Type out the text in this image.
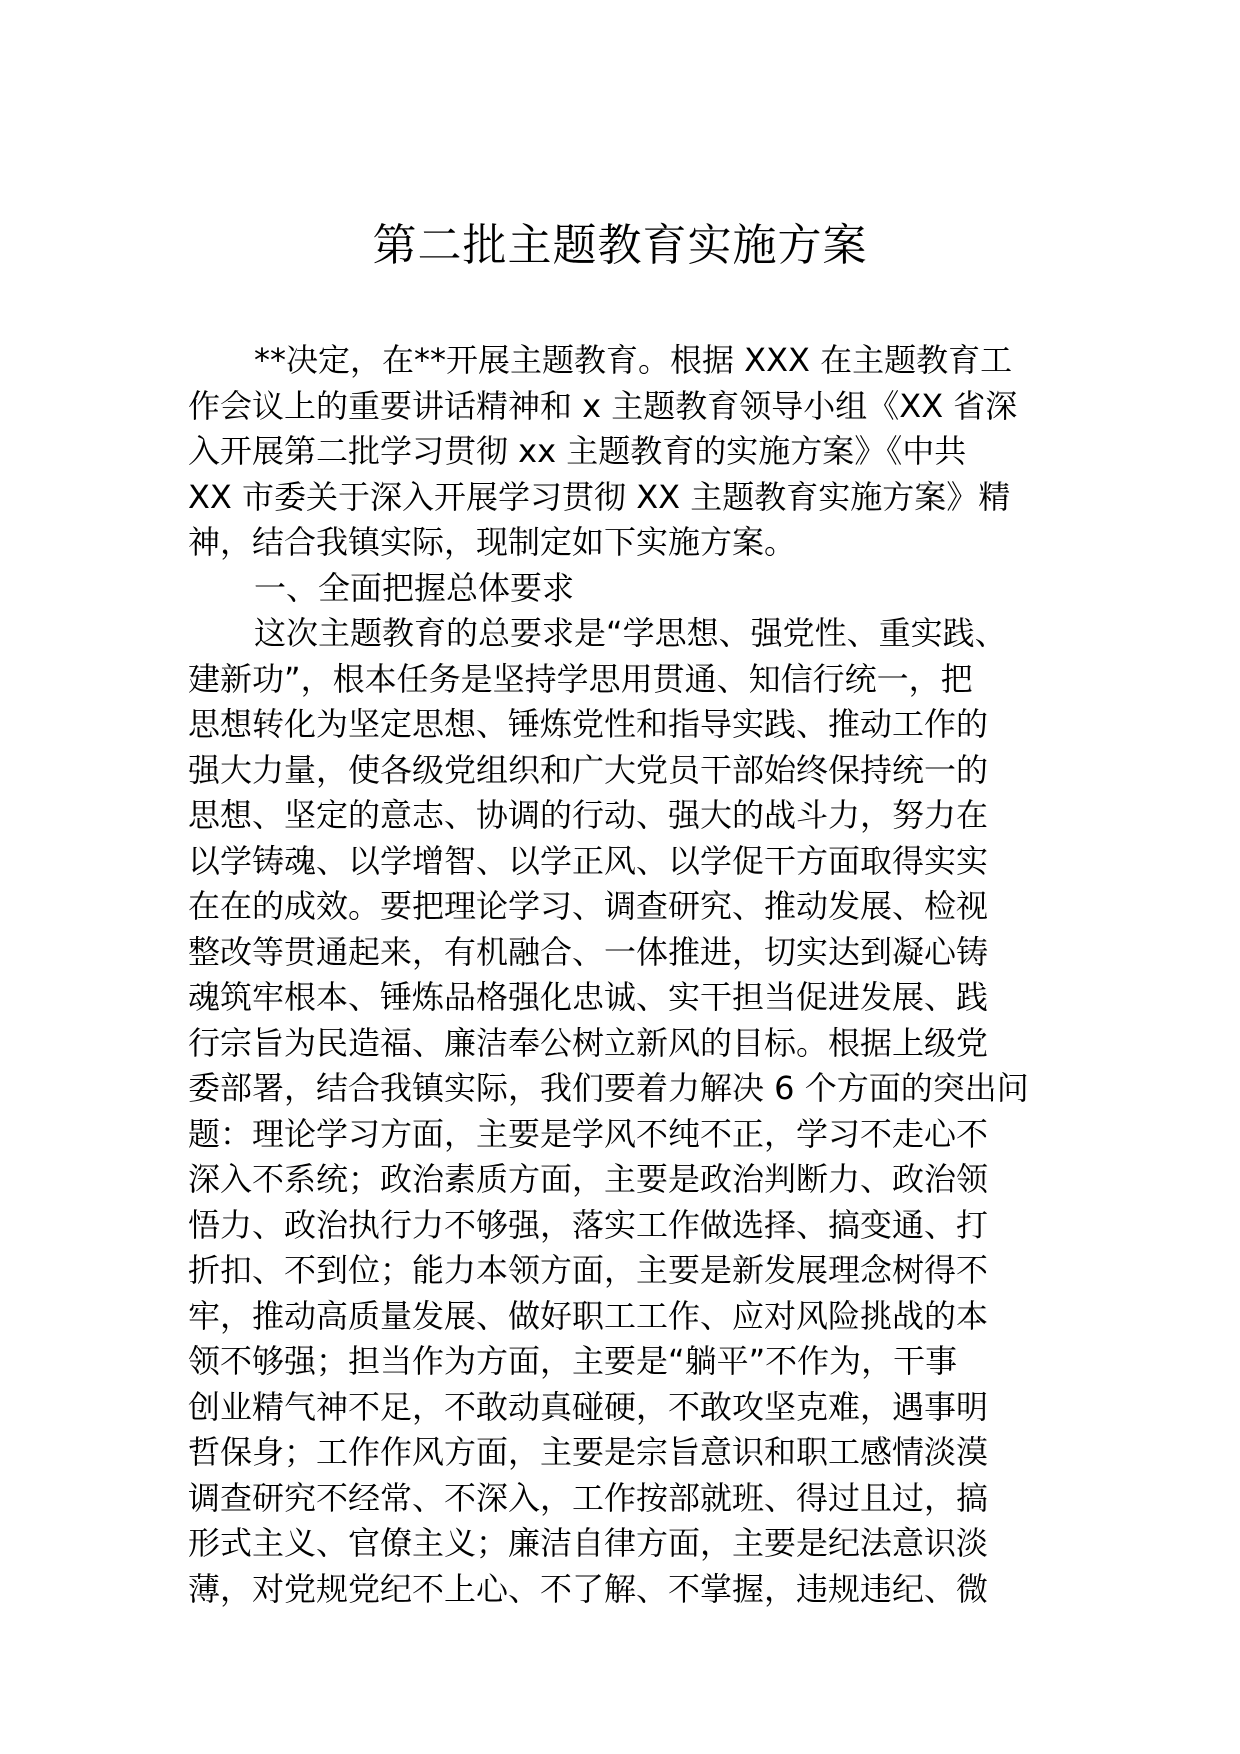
第二批主题教育实施方案
**决定，在**开展主题教育。根据 XXX 在主题教育工
作会议上的重要讲话精神和 x 主题教育领导小组《XX 省深
入开展第二批学习贯彻 xx 主题教育的实施方案》《中共
XX 市委关于深入开展学习贯彻 XX 主题教育实施方案》精
神，结合我镇实际，现制定如下实施方案。
一、全面把握总体要求
这次主题教育的总要求是“学思想、强党性、重实践、
建新功”，根本任务是坚持学思用贯通、知信行统一，把
思想转化为坚定思想、锤炼党性和指导实践、推动工作的
强大力量，使各级党组织和广大党员干部始终保持统一的
思想、坚定的意志、协调的行动、强大的战斗力，努力在
以学铸魂、以学增智、以学正风、以学促干方面取得实实
在在的成效。要把理论学习、调查研究、推动发展、检视
整改等贯通起来，有机融合、一体推进，切实达到凝心铸
魂筑牢根本、锤炼品格强化忠诚、实干担当促进发展、践
行宗旨为民造福、廉洁奉公树立新风的目标。根据上级党
委部署，结合我镇实际，我们要着力解决 6 个方面的突出问
题：理论学习方面，主要是学风不纯不正，学习不走心不
深入不系统；政治素质方面，主要是政治判断力、政治领
悟力、政治执行力不够强，落实工作做选择、搞变通、打
折扣、不到位；能力本领方面，主要是新发展理念树得不
牢，推动高质量发展、做好职工工作、应对风险挑战的本
领不够强；担当作为方面，主要是“躺平”不作为，干事
创业精气神不足，不敢动真碰硬，不敢攻坚克难，遇事明
哲保身；工作作风方面，主要是宗旨意识和职工感情淡漠
调查研究不经常、不深入，工作按部就班、得过且过，搞
形式主义、官僚主义；廉洁自律方面，主要是纪法意识淡
薄，对党规党纪不上心、不了解、不掌握，违规违纪、微
